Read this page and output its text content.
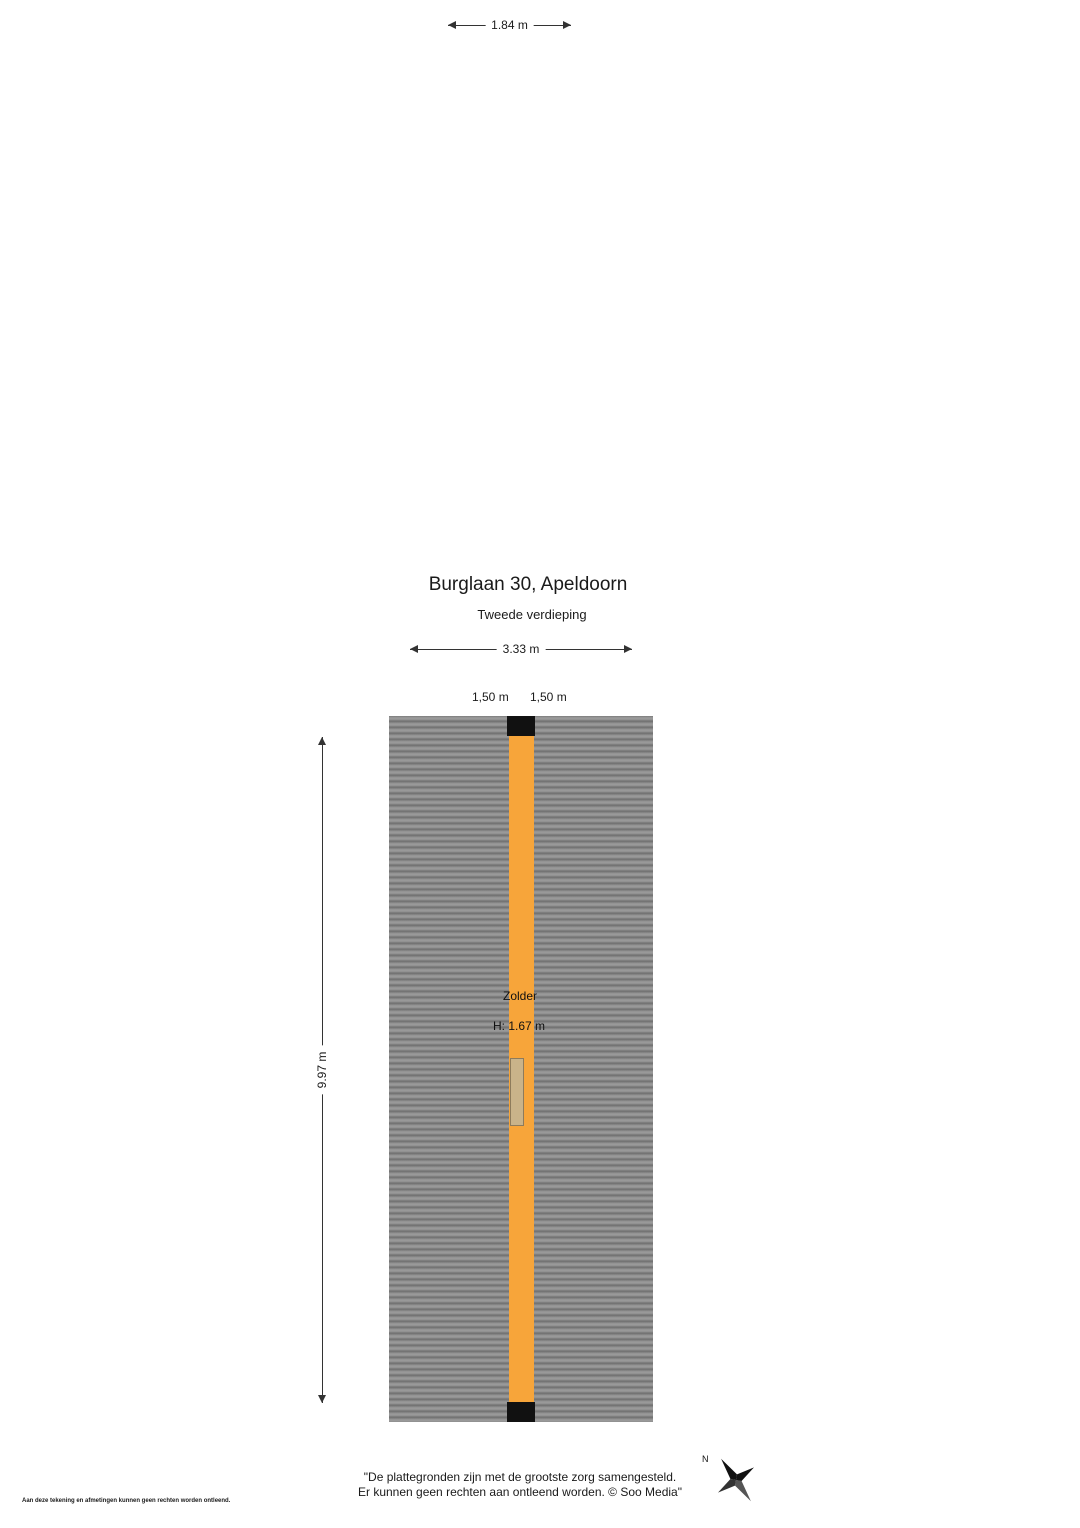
1.84 m
Burglaan 30, Apeldoorn
Tweede verdieping
3.33 m
1,50 m 1,50 m
9.97 m
Zolder
H: 1.67 m
"De plattegronden zijn met de grootste zorg samengesteld.
Er kunnen geen rechten aan ontleend worden. © Soo Media"
Aan deze tekening en afmetingen kunnen geen rechten worden ontleend.
N
